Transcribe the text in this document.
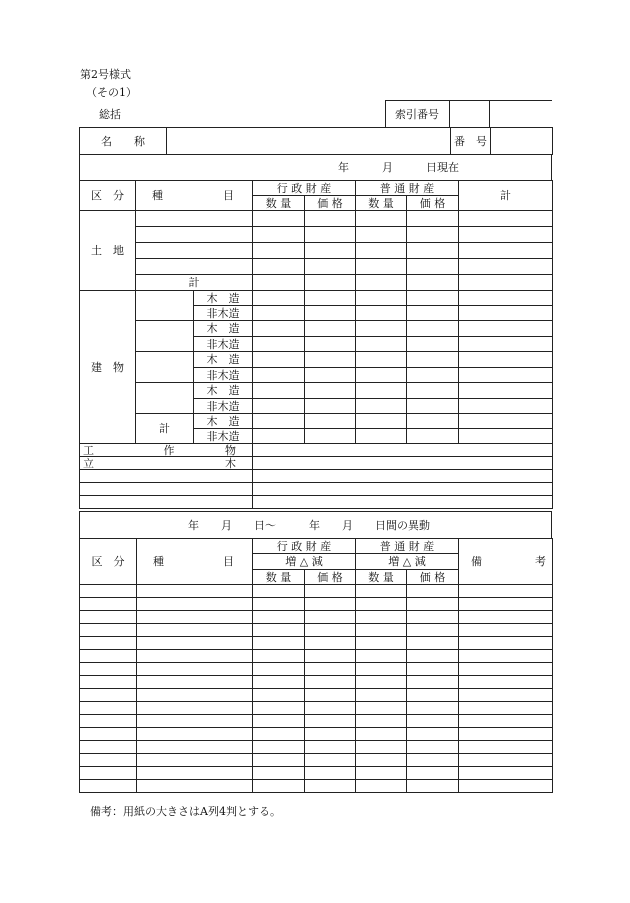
第2号様式
（その1）
総括	索引番号		
名　　称			番　号	
年　　　月　　　日現在
区　分	種	目	行 政 財 産		普 通 財 産		計
			数 量	価 格	数 量	価 格	
土　地							

	計						
建　物		木　造					
		非木造					
		木　造					
		非木造					
		木　造					
		非木造					
		木　造					
		非木造					
	計	木　造					
		非木造					
工	作	物					
立		木					

年　　月　　日～　　　年　　月　　日間の異動
区　分	種	目	行 政 財 産		普 通 財 産		備 考

			増 △ 減		増 △ 減		
			数 量	価 格	数 量	価 格	

備考：用紙の大きさはA列4判とする。
